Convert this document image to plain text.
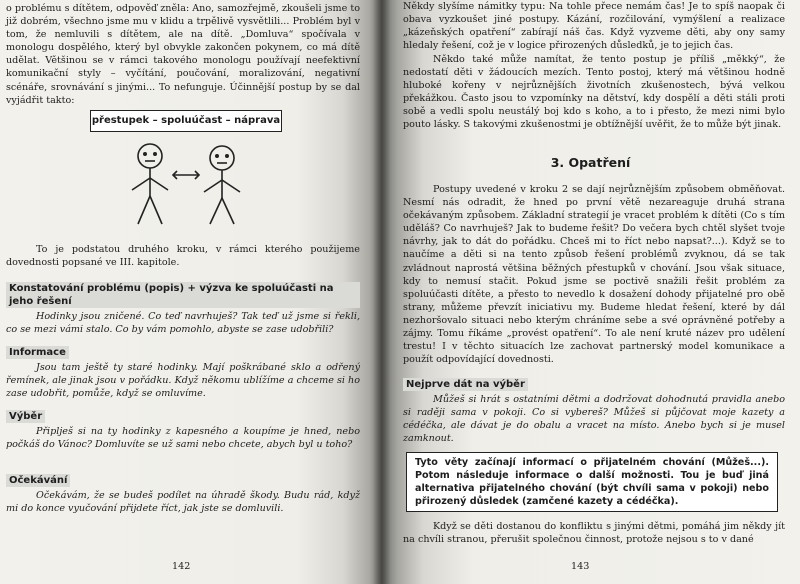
o problému s dítětem, odpověď zněla: Ano, samozřejmě, zkoušeli jsme to již dobrém, všechno jsme mu v klidu a trpělivě vysvětlili... Problém byl v tom, že nemluvili s dítětem, ale na dítě. „Domluva“ spočívala v monologu dospělého, který byl obvykle zakončen pokynem, co má dítě udělat. Většinou se v rámci takového monologu používají neefektivní komunikační styly – vyčítání, poučování, moralizování, negativní scénáře, srovnávání s jinými... To nefunguje. Účinnější postup by se dal vyjádřit takto:

přestupek – spoluúčast – náprava

To je podstatou druhého kroku, v rámci kterého použijeme dovednosti popsané ve III. kapitole.

Konstatování problému (popis) + výzva ke spoluúčasti na jeho řešení

Hodinky jsou zničené. Co teď navrhuješ? Tak teď už jsme si řekli, co se mezi vámi stalo. Co by vám pomohlo, abyste se zase udobřili?

Informace

Jsou tam ještě ty staré hodinky. Mají poškrábané sklo a odřený řemínek, ale jinak jsou v pořádku. Když někomu ublížíme a chceme si ho zase udobřit, pomůže, když se omluvíme.

Výběr

Připlješ si na ty hodinky z kapesného a koupíme je hned, nebo počkáš do Vánoc? Domluvíte se už sami nebo chcete, abych byl u toho?

Očekávání

Očekávám, že se budeš podílet na úhradě škody. Budu rád, když mi do konce vyučování přijdete říct, jak jste se domluvili.

142

Někdy slyšíme námitky typu: Na tohle přece nemám čas! Je to spíš naopak či obava vyzkoušet jiné postupy. Kázání, rozčilování, vymýšlení a realizace „kázeňských opatření“ zabírají náš čas. Když vyzveme děti, aby ony samy hledaly řešení, což je v logice přirozených důsledků, je to jejich čas.

Někdo také může namítat, že tento postup je příliš „měkký“, že nedostatí děti v žádoucích mezích. Tento postoj, který má většinou hodně hluboké kořeny v nejrůznějších životních zkušenostech, bývá velkou překážkou. Často jsou to vzpomínky na dětství, kdy dospělí a děti stáli proti sobě a vedli spolu neustálý boj kdo s koho, a to i přesto, že mezi nimi bylo pouto lásky. S takovými zkušenostmi je obtížnější uvěřit, že to může být jinak.

3. Opatření

Postupy uvedené v kroku 2 se dají nejrůznějším způsobem obměňovat. Nesmí nás odradit, že hned po první větě nezareaguje druhá strana očekávaným způsobem. Základní strategií je vracet problém k dítěti (Co s tím uděláš? Co navrhuješ? Jak to budeme řešit? Do večera bych chtěl slyšet tvoje návrhy, jak to dát do pořádku. Chceš mi to říct nebo napsat?...). Když se to naučíme a děti si na tento způsob řešení problémů zvyknou, dá se tak zvládnout naprostá většina běžných přestupků v chování. Jsou však situace, kdy to nemusí stačit. Pokud jsme se poctivě snažili řešit problém za spoluúčasti dítěte, a přesto to nevedlo k dosažení dohody přijatelné pro obě strany, můžeme převzít iniciativu my. Budeme hledat řešení, které by dál nezhoršovalo situaci nebo kterým chráníme sebe a své oprávněné potřeby a zájmy. Tomu říkáme „provést opatření“. To ale není kruté název pro udělení trestu! I v těchto situacích lze zachovat partnerský model komunikace a použít odpovídající dovednosti.

Nejprve dát na výběr

Můžeš si hrát s ostatními dětmi a dodržovat dohodnutá pravidla anebo si raději sama v pokoji. Co si vybereš? Můžeš si půjčovat moje kazety a cédéčka, ale dávat je do obalu a vracet na místo. Anebo bych si je musel zamknout.

Tyto věty začínají informací o přijatelném chování (Můžeš...). Potom následuje informace o další možnosti. Tou je buď jiná alternativa přijatelného chování (být chvíli sama v pokoji) nebo přirozený důsledek (zamčené kazety a cédéčka).

Když se děti dostanou do konfliktu s jinými dětmi, pomáhá jim někdy jít na chvíli stranou, přerušit společnou činnost, protože nejsou s to v dané

143
